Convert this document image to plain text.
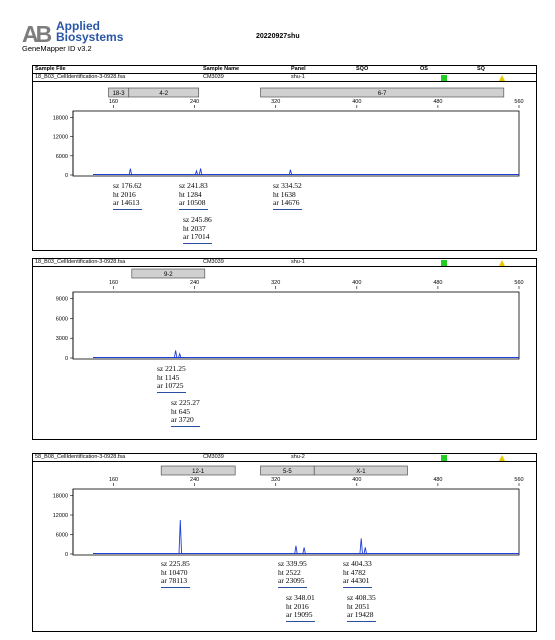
AB Applied
Biosystems
GeneMapper ID v3.2
20220927shu
Sample File	Sample Name	Panel	SQO	OS	SQ
18_B03_CellIdentification-3-0928.fsa	CM3039	shu-1
18-3	4-2	6-7
160	240	320	400	480	560
0
6000
12000
18000
sz 176.62
ht 2016
ar 14613
sz 241.83
ht 1284
ar 10508
sz 245.86
ht 2037
ar 17014
sz 334.52
ht 1638
ar 14676
18_B03_CellIdentification-3-0928.fsa	CM3039	shu-1
9-2
160	240	320	400	480	560
0
3000
6000
9000
sz 221.25
ht 1145
ar 10725
sz 225.27
ht 645
ar 3720
58_B08_CellIdentification-3-0928.fsa	CM3039	shu-2
12-1	5-5	X-1
160	240	320	400	480	560
0
6000
12000
18000
sz 225.85
ht 10470
ar 78113
sz 339.95
ht 2522
ar 23095
sz 348.01
ht 2016
ar 19095
sz 404.33
ht 4782
ar 44301
sz 408.35
ht 2051
ar 19428
